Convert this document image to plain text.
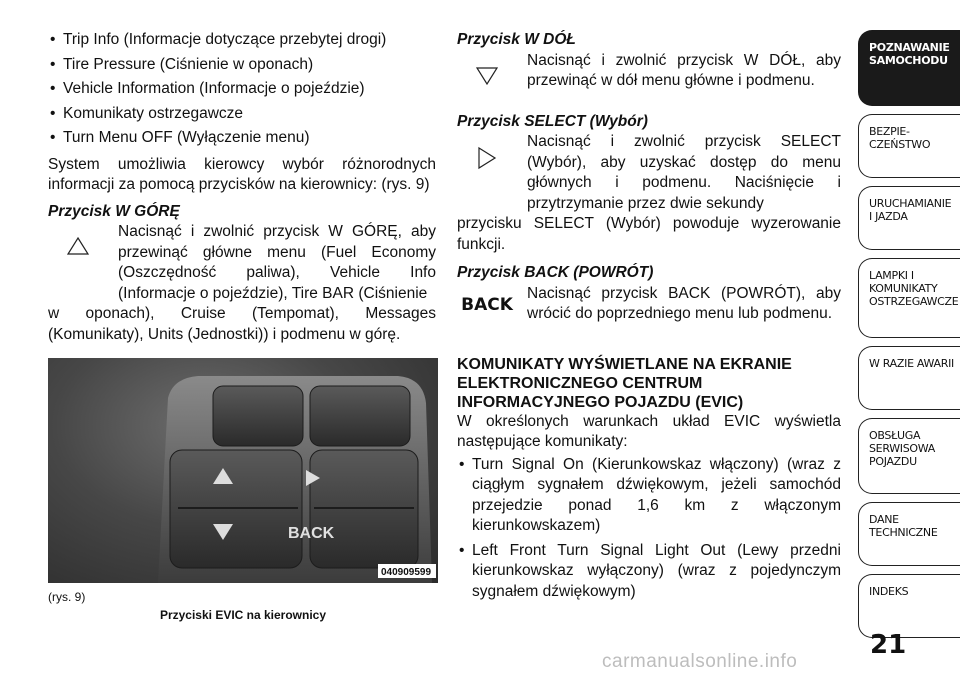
• Trip Info (Informacje dotyczące przebytej drogi)
• Tire Pressure (Ciśnienie w oponach)
• Vehicle Information (Informacje o pojeździe)
• Komunikaty ostrzegawcze
• Turn Menu OFF (Wyłączenie menu)

System umożliwia kierowcy wybór różnorodnych informacji za pomocą przycisków na kierownicy: (rys. 9)

Przycisk W GÓRĘ

Nacisnąć i zwolnić przycisk W GÓRĘ, aby przewinąć główne menu (Fuel Economy (Oszczędność paliwa), Vehicle Info (Informacje o pojeździe), Tire BAR (Ciśnienie

w oponach), Cruise (Tempomat), Messages (Komunikaty), Units (Jednostki)) i podmenu w górę.

BACK
040909599
(rys. 9)
Przyciski EVIC na kierownicy

Przycisk W DÓŁ

Nacisnąć i zwolnić przycisk W DÓŁ, aby przewinąć w dół menu główne i podmenu.

Przycisk SELECT (Wybór)

Nacisnąć i zwolnić przycisk SELECT (Wybór), aby uzyskać dostęp do menu głównych i podmenu. Naciśnięcie i przytrzymanie przez dwie sekundy

przycisku SELECT (Wybór) powoduje wyzerowanie funkcji.

Przycisk BACK (POWRÓT)

BACK

Nacisnąć przycisk BACK (POWRÓT), aby wrócić do poprzedniego menu lub podmenu.

KOMUNIKATY WYŚWIETLANE NA EKRANIE ELEKTRONICZNEGO CENTRUM INFORMACYJNEGO POJAZDU (EVIC)

W określonych warunkach układ EVIC wyświetla następujące komunikaty:

• Turn Signal On (Kierunkowskaz włączony) (wraz z ciągłym sygnałem dźwiękowym, jeżeli samochód przejedzie ponad 1,6 km z włączonym kierunkowskazem)
• Left Front Turn Signal Light Out (Lewy przedni kierunkowskaz wyłączony) (wraz z pojedynczym sygnałem dźwiękowym)
POZNAWANIE SAMOCHODU
BEZPIE- CZEŃSTWO
URUCHAMIANIE I JAZDA
LAMPKI I KOMUNIKATY OSTRZEGAWCZE
W RAZIE AWARII
OBSŁUGA SERWISOWA POJAZDU
DANE TECHNICZNE
INDEKS
21
carmanualsonline.info
